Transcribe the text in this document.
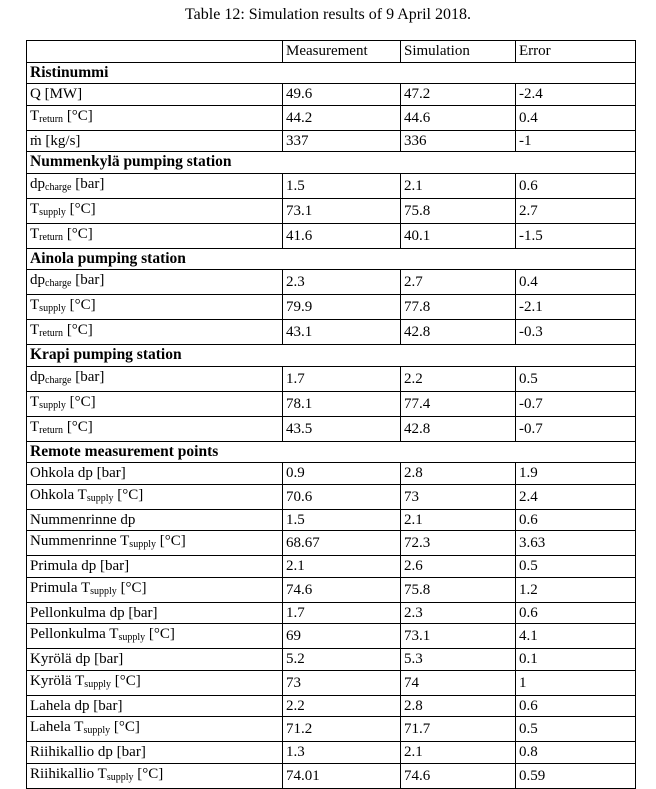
Table 12: Simulation results of 9 April 2018.
	Measurement	Simulation	Error
Ristinummi			
Q [MW]	49.6	47.2	-2.4
$T_{return}$ [°C]	44.2	44.6	0.4
ṁ [kg/s]	337	336	-1
Nummenkylä pumping station			
$dp_{charge}$ [bar]	1.5	2.1	0.6
$T_{supply}$ [°C]	73.1	75.8	2.7
$T_{return}$ [°C]	41.6	40.1	-1.5
Ainola pumping station			
$dp_{charge}$ [bar]	2.3	2.7	0.4
$T_{supply}$ [°C]	79.9	77.8	-2.1
$T_{return}$ [°C]	43.1	42.8	-0.3
Krapi pumping station			
$dp_{charge}$ [bar]	1.7	2.2	0.5
$T_{supply}$ [°C]	78.1	77.4	-0.7
$T_{return}$ [°C]	43.5	42.8	-0.7
Remote measurement points			
Ohkola dp [bar]	0.9	2.8	1.9
Ohkola $T_{supply}$ [°C]	70.6	73	2.4
Nummenrinne dp	1.5	2.1	0.6
Nummenrinne $T_{supply}$ [°C]	68.67	72.3	3.63
Primula dp [bar]	2.1	2.6	0.5
Primula $T_{supply}$ [°C]	74.6	75.8	1.2
Pellonkulma dp [bar]	1.7	2.3	0.6
Pellonkulma $T_{supply}$ [°C]	69	73.1	4.1
Kyrölä dp [bar]	5.2	5.3	0.1
Kyrölä $T_{supply}$ [°C]	73	74	1
Lahela dp [bar]	2.2	2.8	0.6
Lahela $T_{supply}$ [°C]	71.2	71.7	0.5
Riihikallio dp [bar]	1.3	2.1	0.8
Riihikallio $T_{supply}$ [°C]	74.01	74.6	0.59
